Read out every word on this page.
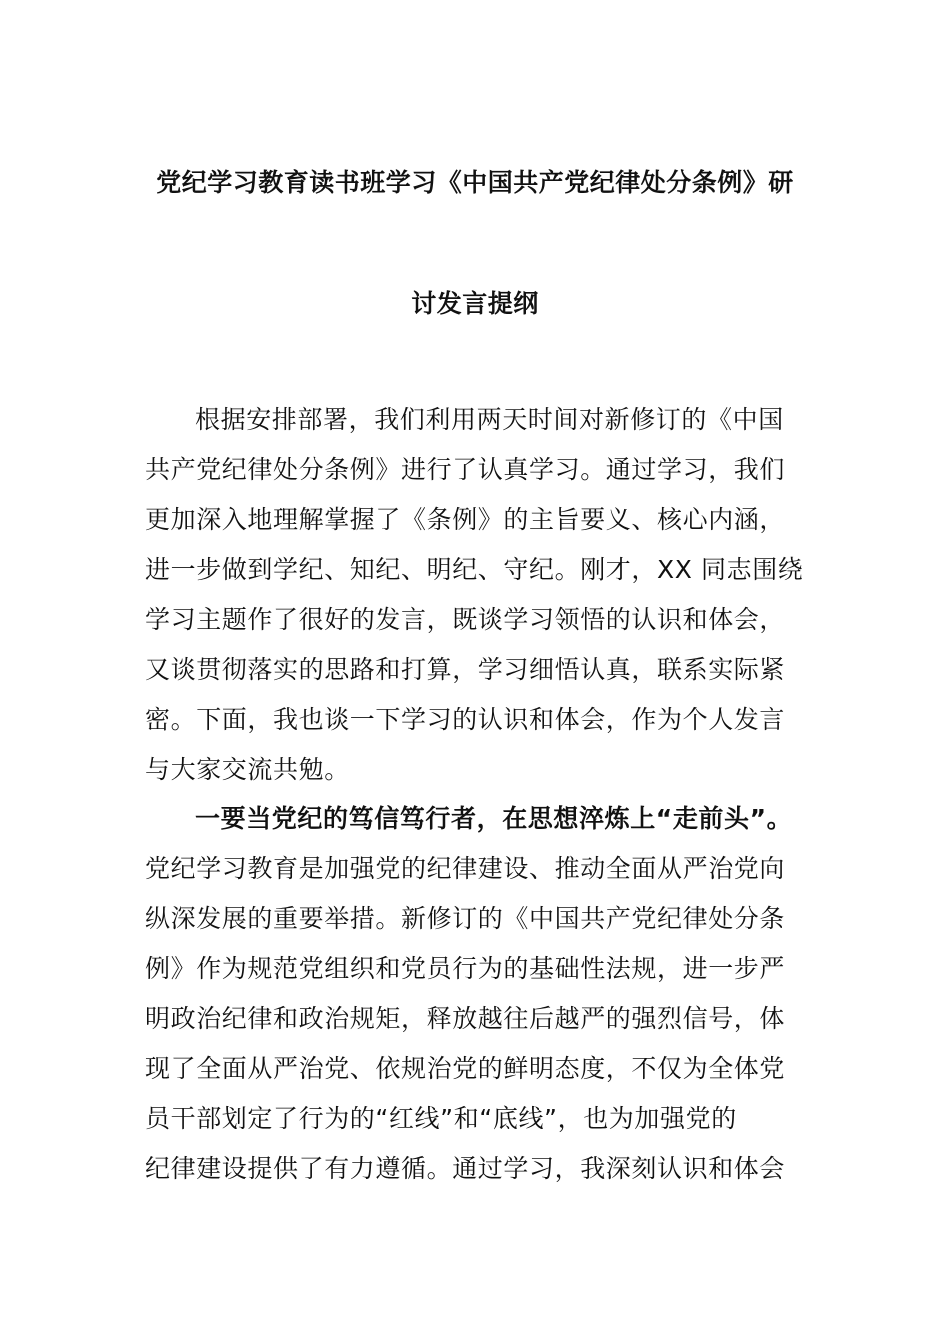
党纪学习教育读书班学习《中国共产党纪律处分条例》研
讨发言提纲
根据安排部署，我们利用两天时间对新修订的《中国
共产党纪律处分条例》进行了认真学习。通过学习，我们
更加深入地理解掌握了《条例》的主旨要义、核心内涵，
进一步做到学纪、知纪、明纪、守纪。刚才，XX 同志围绕
学习主题作了很好的发言，既谈学习领悟的认识和体会，
又谈贯彻落实的思路和打算，学习细悟认真，联系实际紧
密。下面，我也谈一下学习的认识和体会，作为个人发言
与大家交流共勉。
一要当党纪的笃信笃行者，在思想淬炼上“走前头”。
党纪学习教育是加强党的纪律建设、推动全面从严治党向
纵深发展的重要举措。新修订的《中国共产党纪律处分条
例》作为规范党组织和党员行为的基础性法规，进一步严
明政治纪律和政治规矩，释放越往后越严的强烈信号，体
现了全面从严治党、依规治党的鲜明态度，不仅为全体党
员干部划定了行为的“红线”和“底线”，也为加强党的
纪律建设提供了有力遵循。通过学习，我深刻认识和体会
